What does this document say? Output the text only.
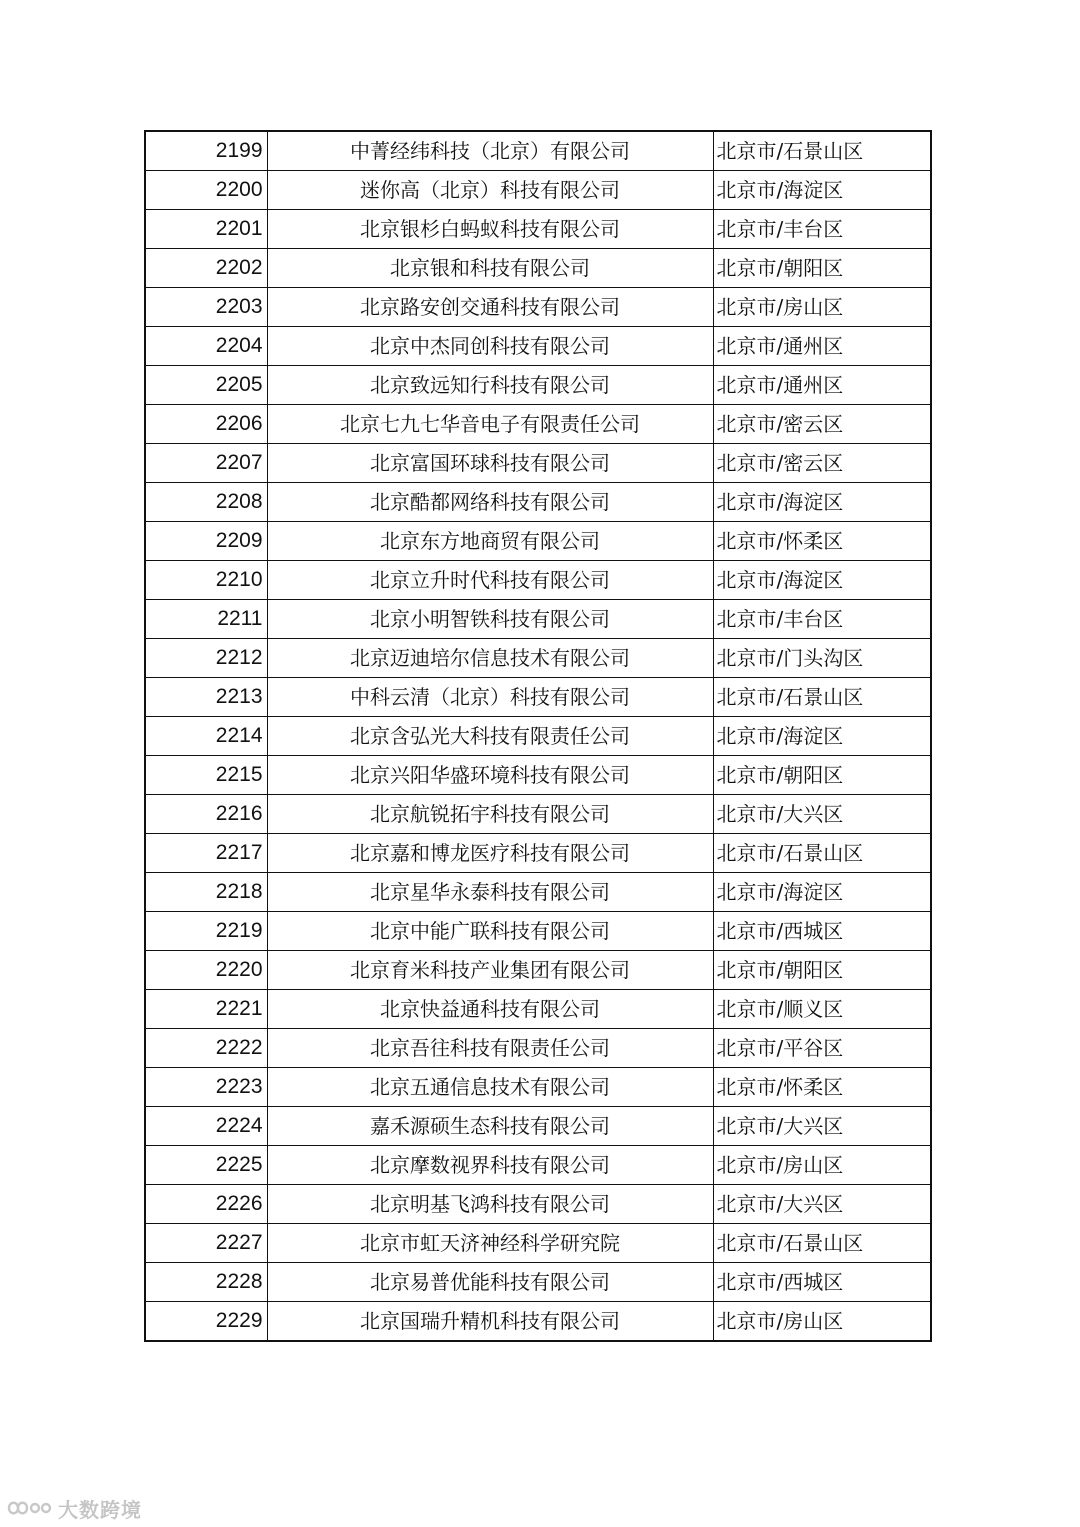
2199	中菁经纬科技（北京）有限公司	北京市/石景山区
2200	迷你高（北京）科技有限公司	北京市/海淀区
2201	北京银杉白蚂蚁科技有限公司	北京市/丰台区
2202	北京银和科技有限公司	北京市/朝阳区
2203	北京路安创交通科技有限公司	北京市/房山区
2204	北京中杰同创科技有限公司	北京市/通州区
2205	北京致远知行科技有限公司	北京市/通州区
2206	北京七九七华音电子有限责任公司	北京市/密云区
2207	北京富国环球科技有限公司	北京市/密云区
2208	北京酷都网络科技有限公司	北京市/海淀区
2209	北京东方地商贸有限公司	北京市/怀柔区
2210	北京立升时代科技有限公司	北京市/海淀区
2211	北京小明智铁科技有限公司	北京市/丰台区
2212	北京迈迪培尔信息技术有限公司	北京市/门头沟区
2213	中科云清（北京）科技有限公司	北京市/石景山区
2214	北京含弘光大科技有限责任公司	北京市/海淀区
2215	北京兴阳华盛环境科技有限公司	北京市/朝阳区
2216	北京航锐拓宇科技有限公司	北京市/大兴区
2217	北京嘉和博龙医疗科技有限公司	北京市/石景山区
2218	北京星华永泰科技有限公司	北京市/海淀区
2219	北京中能广联科技有限公司	北京市/西城区
2220	北京育米科技产业集团有限公司	北京市/朝阳区
2221	北京快益通科技有限公司	北京市/顺义区
2222	北京吾往科技有限责任公司	北京市/平谷区
2223	北京五通信息技术有限公司	北京市/怀柔区
2224	嘉禾源硕生态科技有限公司	北京市/大兴区
2225	北京摩数视界科技有限公司	北京市/房山区
2226	北京明基飞鸿科技有限公司	北京市/大兴区
2227	北京市虹天济神经科学研究院	北京市/石景山区
2228	北京易普优能科技有限公司	北京市/西城区
2229	北京国瑞升精机科技有限公司	北京市/房山区
大数跨境
